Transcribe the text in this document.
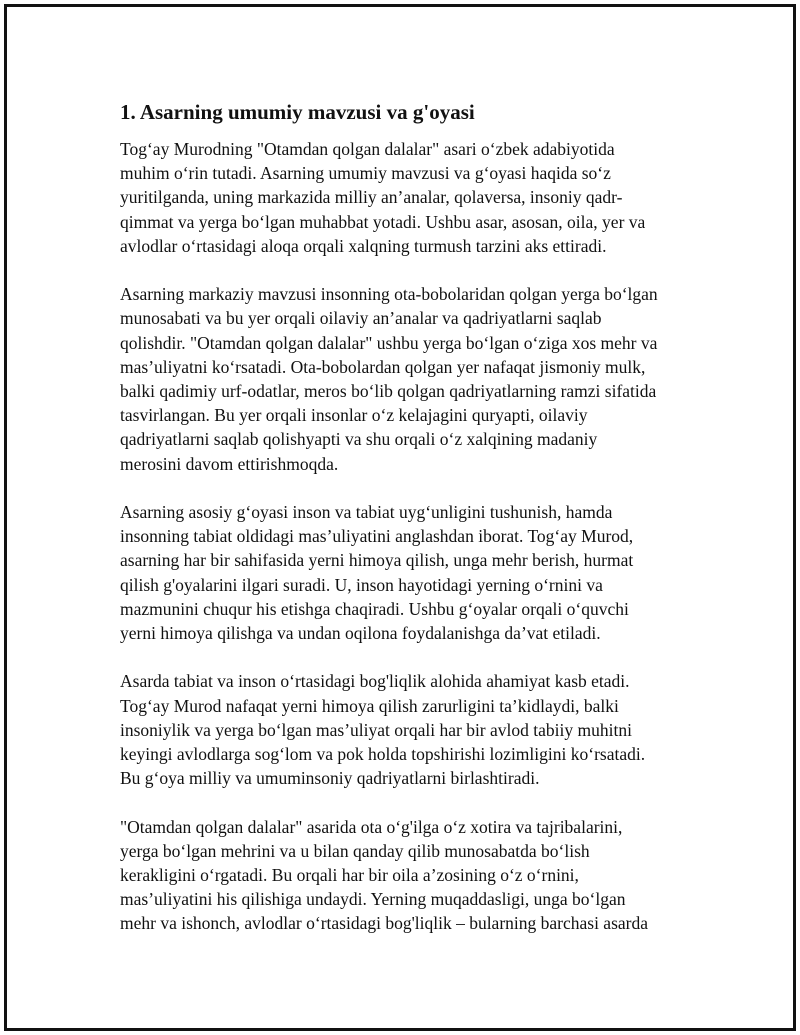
1. Asarning umumiy mavzusi va g'oyasi
Tog‘ay Murodning "Otamdan qolgan dalalar" asari o‘zbek adabiyotida
muhim o‘rin tutadi. Asarning umumiy mavzusi va g‘oyasi haqida so‘z
yuritilganda, uning markazida milliy an’analar, qolaversa, insoniy qadr-
qimmat va yerga bo‘lgan muhabbat yotadi. Ushbu asar, asosan, oila, yer va
avlodlar o‘rtasidagi aloqa orqali xalqning turmush tarzini aks ettiradi.
Asarning markaziy mavzusi insonning ota-bobolaridan qolgan yerga bo‘lgan
munosabati va bu yer orqali oilaviy an’analar va qadriyatlarni saqlab
qolishdir. "Otamdan qolgan dalalar" ushbu yerga bo‘lgan o‘ziga xos mehr va
mas’uliyatni ko‘rsatadi. Ota-bobolardan qolgan yer nafaqat jismoniy mulk,
balki qadimiy urf-odatlar, meros bo‘lib qolgan qadriyatlarning ramzi sifatida
tasvirlangan. Bu yer orqali insonlar o‘z kelajagini quryapti, oilaviy
qadriyatlarni saqlab qolishyapti va shu orqali o‘z xalqining madaniy
merosini davom ettirishmoqda.
Asarning asosiy g‘oyasi inson va tabiat uyg‘unligini tushunish, hamda
insonning tabiat oldidagi mas’uliyatini anglashdan iborat. Tog‘ay Murod,
asarning har bir sahifasida yerni himoya qilish, unga mehr berish, hurmat
qilish g'oyalarini ilgari suradi. U, inson hayotidagi yerning o‘rnini va
mazmunini chuqur his etishga chaqiradi. Ushbu g‘oyalar orqali o‘quvchi
yerni himoya qilishga va undan oqilona foydalanishga da’vat etiladi.
Asarda tabiat va inson o‘rtasidagi bog'liqlik alohida ahamiyat kasb etadi.
Tog‘ay Murod nafaqat yerni himoya qilish zarurligini ta’kidlaydi, balki
insoniylik va yerga bo‘lgan mas’uliyat orqali har bir avlod tabiiy muhitni
keyingi avlodlarga sog‘lom va pok holda topshirishi lozimligini ko‘rsatadi.
Bu g‘oya milliy va umuminsoniy qadriyatlarni birlashtiradi.
"Otamdan qolgan dalalar" asarida ota o‘g'ilga o‘z xotira va tajribalarini,
yerga bo‘lgan mehrini va u bilan qanday qilib munosabatda bo‘lish
kerakligini o‘rgatadi. Bu orqali har bir oila a’zosining o‘z o‘rnini,
mas’uliyatini his qilishiga undaydi. Yerning muqaddasligi, unga bo‘lgan
mehr va ishonch, avlodlar o‘rtasidagi bog'liqlik – bularning barchasi asarda
